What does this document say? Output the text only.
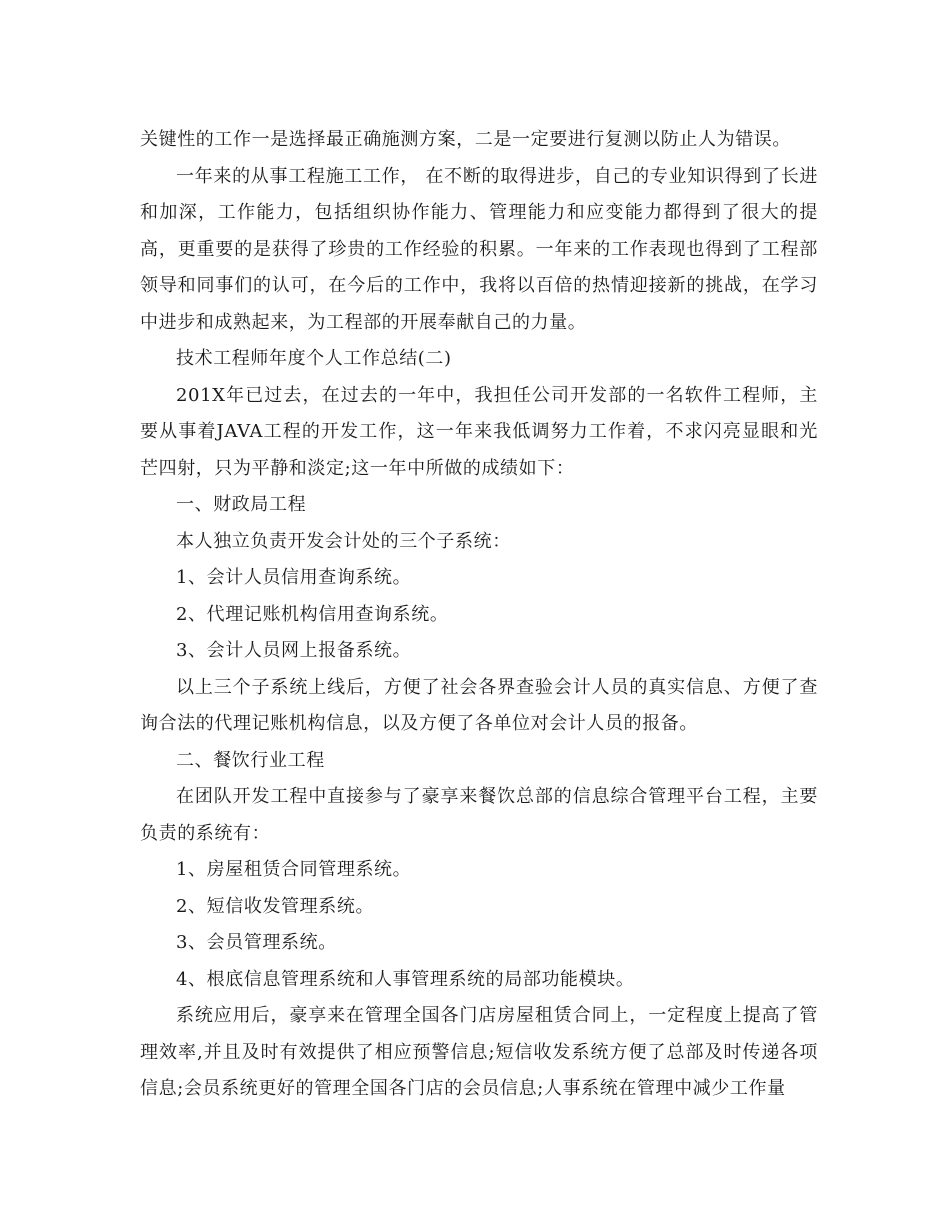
关键性的工作一是选择最正确施测方案，二是一定要进行复测以防止人为错误。

一年来的从事工程施工工作， 在不断的取得进步，自己的专业知识得到了长进和加深，工作能力，包括组织协作能力、管理能力和应变能力都得到了很大的提高，更重要的是获得了珍贵的工作经验的积累。一年来的工作表现也得到了工程部领导和同事们的认可，在今后的工作中，我将以百倍的热情迎接新的挑战，在学习中进步和成熟起来，为工程部的开展奉献自己的力量。

技术工程师年度个人工作总结(二)

201X年已过去，在过去的一年中，我担任公司开发部的一名软件工程师，主要从事着JAVA工程的开发工作，这一年来我低调努力工作着，不求闪亮显眼和光芒四射，只为平静和淡定;这一年中所做的成绩如下：

一、财政局工程

本人独立负责开发会计处的三个子系统：

1、会计人员信用查询系统。

2、代理记账机构信用查询系统。

3、会计人员网上报备系统。

以上三个子系统上线后，方便了社会各界查验会计人员的真实信息、方便了查询合法的代理记账机构信息，以及方便了各单位对会计人员的报备。

二、餐饮行业工程

在团队开发工程中直接参与了豪享来餐饮总部的信息综合管理平台工程，主要负责的系统有：

1、房屋租赁合同管理系统。

2、短信收发管理系统。

3、会员管理系统。

4、根底信息管理系统和人事管理系统的局部功能模块。

系统应用后，豪享来在管理全国各门店房屋租赁合同上，一定程度上提高了管理效率,并且及时有效提供了相应预警信息;短信收发系统方便了总部及时传递各项信息;会员系统更好的管理全国各门店的会员信息;人事系统在管理中减少工作量
